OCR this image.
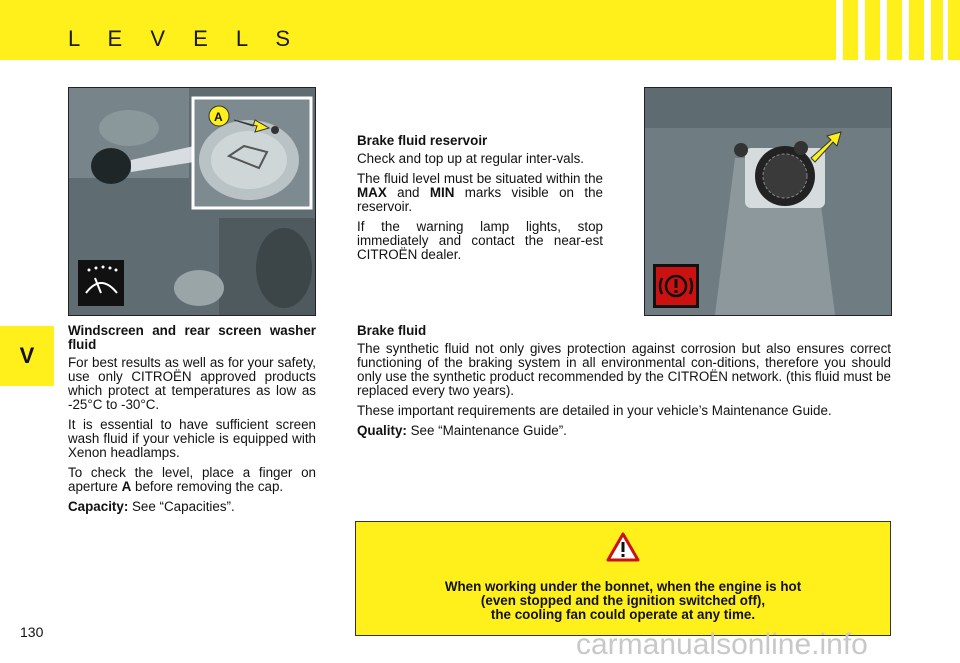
L E V E L S
V
A

Brake fluid reservoir

Check and top up at regular inter-vals.

The fluid level must be situated within the MAX and MIN marks visible on the reservoir.

If the warning lamp lights, stop immediately and contact the near-est CITROËN dealer.

Windscreen and rear screen washer fluid

For best results as well as for your safety, use only CITROËN approved products which protect at temperatures as low as -25°C to -30°C.

It is essential to have sufficient screen wash fluid if your vehicle is equipped with Xenon headlamps.

To check the level, place a finger on aperture A before removing the cap.

Capacity: See “Capacities”.

Brake fluid

The synthetic fluid not only gives protection against corrosion but also ensures correct functioning of the braking system in all environmental con-ditions, therefore you should only use the synthetic product recommended by the CITROËN network. (this fluid must be replaced every two years).

These important requirements are detailed in your vehicle’s Maintenance Guide.

Quality: See “Maintenance Guide”.

When working under the bonnet, when the engine is hot
(even stopped and the ignition switched off),
the cooling fan could operate at any time.
130	carmanualsonline.info
